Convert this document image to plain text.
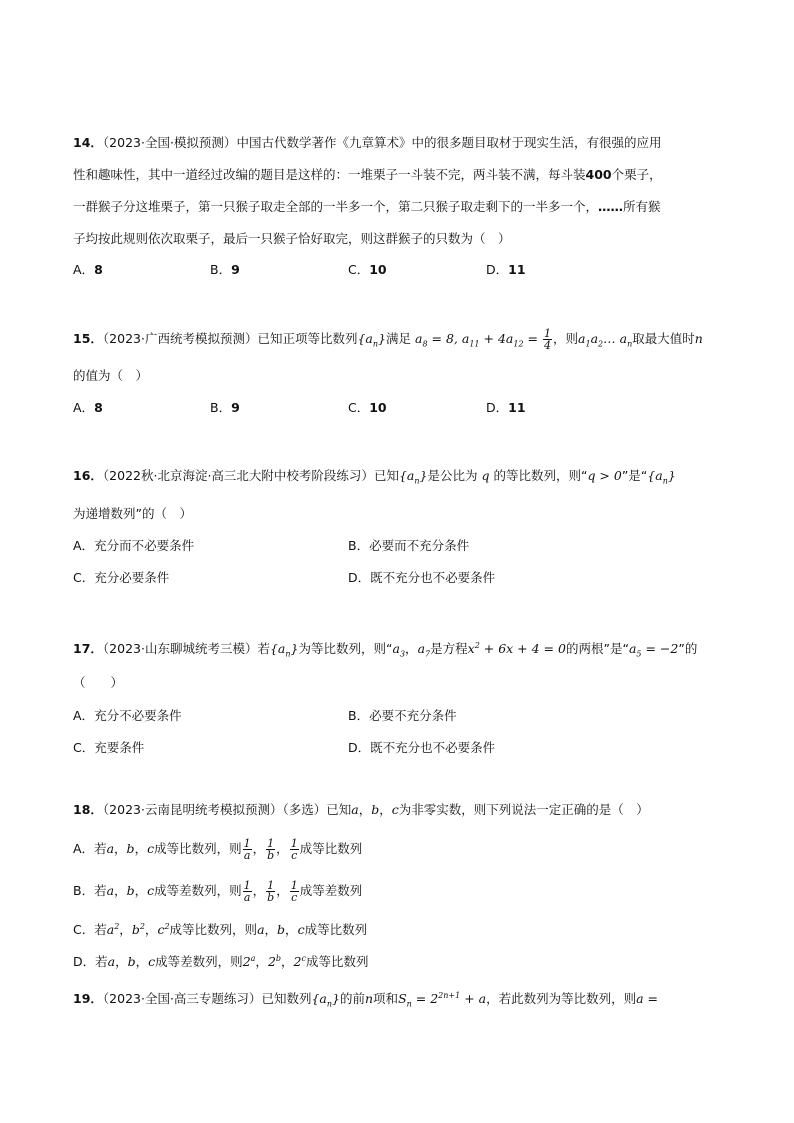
14．（2023·全国·模拟预测）中国古代数学著作《九章算术》中的很多题目取材于现实生活，有很强的应用
性和趣味性，其中一道经过改编的题目是这样的：一堆栗子一斗装不完，两斗装不满，每斗装400个栗子，
一群猴子分这堆栗子，第一只猴子取走全部的一半多一个，第二只猴子取走剩下的一半多一个，……所有猴
子均按此规则依次取栗子，最后一只猴子恰好取完，则这群猴子的只数为（　）
A．8	B．9	C．10	D．11
15．（2023·广西统考模拟预测）已知正项等比数列$\{a_n\}$满足 $a_8 = 8$, $a_{11} + 4a_{12} = \frac{1}{4}$ ，则$a_1a_2\dots$ $a_n$取最大值时n
的值为（　）
A．8	B．9	C．10	D．11
16．（2022秋·北京海淀·高三北大附中校考阶段练习）已知$\{a_n\}$是公比为 q 的等比数列，则“q > 0”是“$\{a_n\}$
为递增数列”的（　）
A．充分而不必要条件	B．必要而不充分条件
C．充分必要条件	D．既不充分也不必要条件
17．（2023·山东聊城统考三模）若$\{a_n\}$为等比数列，则“$a_3$，$a_7$是方程$x^2 + 6x + 4 = 0$的两根”是“$a_5 = -2$”的
（　　）
A．充分不必要条件	B．必要不充分条件
C．充要条件	D．既不充分也不必要条件
18．（2023·云南昆明统考模拟预测）（多选）已知a，b，c为非零实数，则下列说法一定正确的是（　）
A．若a，b，c成等比数列，则 $\frac{1}{a}$ ， $\frac{1}{b}$ ， $\frac{1}{c}$ 成等比数列
B．若a，b，c成等差数列，则 $\frac{1}{a}$ ， $\frac{1}{b}$ ， $\frac{1}{c}$ 成等差数列
C．若$a^2$，$b^2$，$c^2$成等比数列，则a，b，c成等比数列
D．若a，b，c成等差数列，则2$^a$，2$^b$，2$^c$成等比数列
19．（2023·全国·高三专题练习）已知数列$\{a_n\}$的前n项和$S_n = 2^{2n+1} + a$，若此数列为等比数列，则a =
